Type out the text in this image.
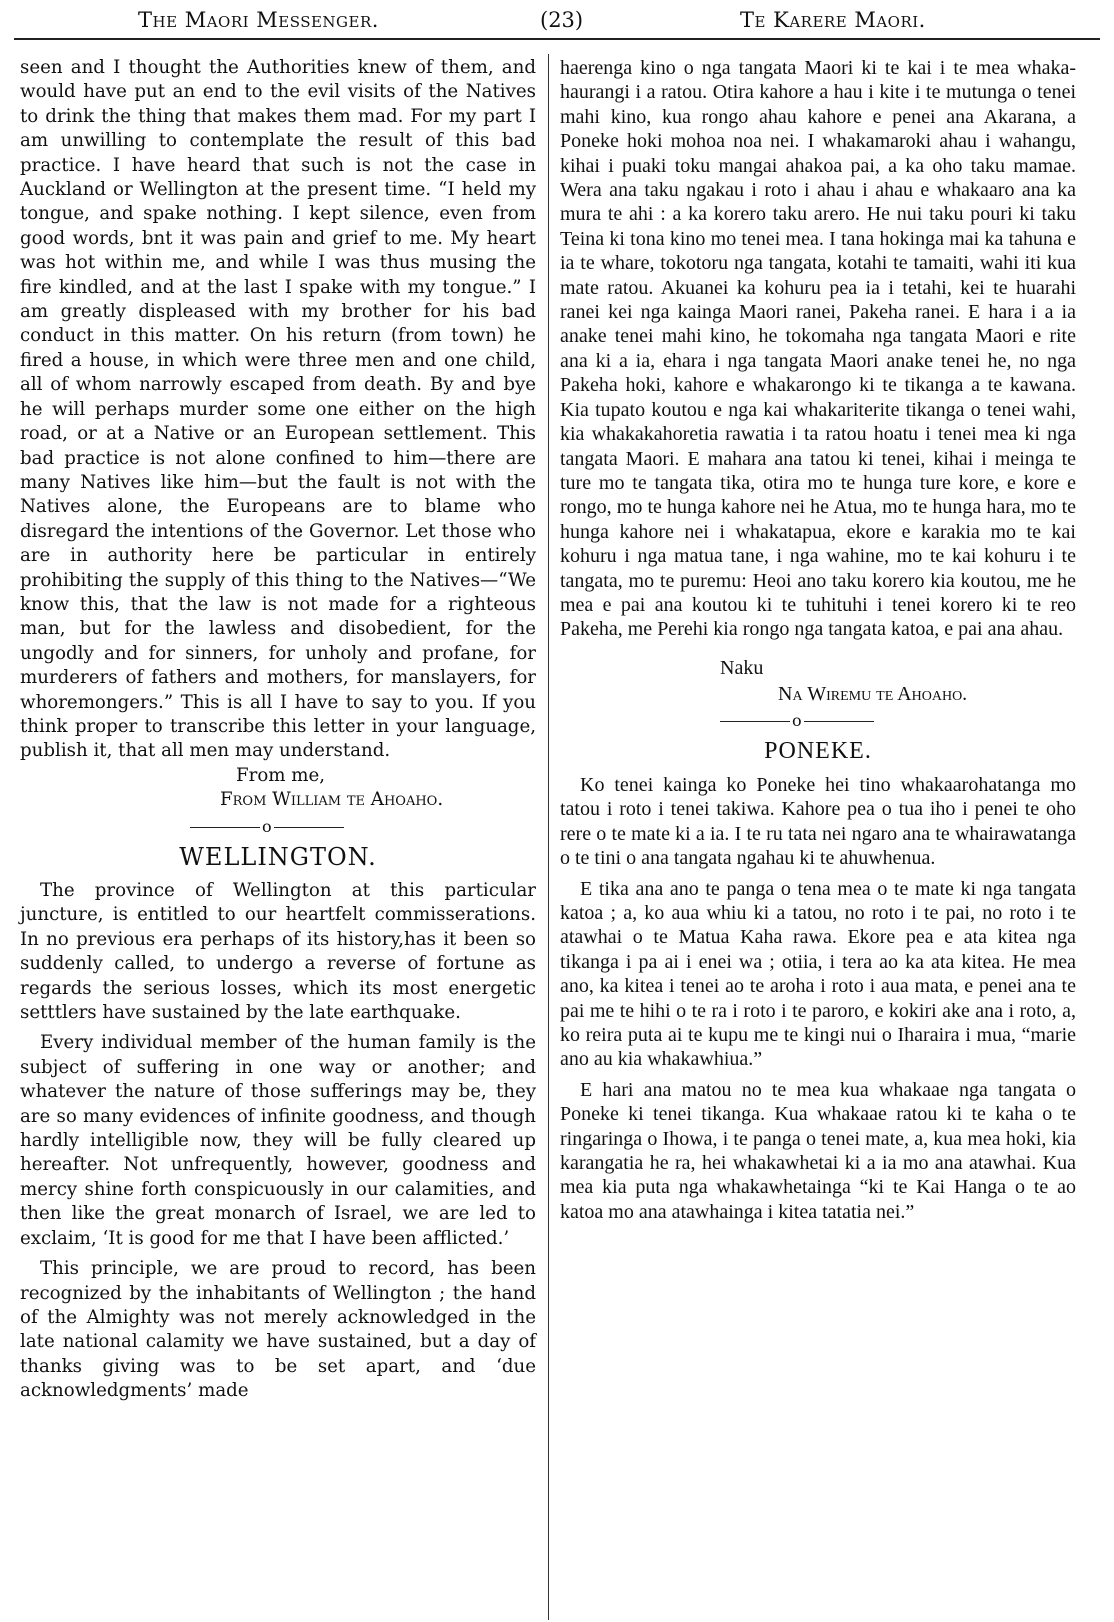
The Maori Messenger.	(23)	Te Karere Maori.

seen and I thought the Authorities knew of them, and would have put an end to the evil visits of the Natives to drink the thing that makes them mad. For my part I am unwilling to contemplate the result of this bad practice. I have heard that such is not the case in Auckland or Wellington at the present time. “I held my tongue, and spake nothing. I kept silence, even from good words, bnt it was pain and grief to me. My heart was hot within me, and while I was thus musing the fire kindled, and at the last I spake with my tongue.” I am greatly displeased with my brother for his bad conduct in this matter. On his return (from town) he fired a house, in which were three men and one child, all of whom narrowly escaped from death. By and bye he will perhaps murder some one either on the high road, or at a Native or an European settlement. This bad practice is not alone confined to him—there are many Natives like him—but the fault is not with the Natives alone, the Europeans are to blame who disregard the intentions of the Governor. Let those who are in authority here be particular in entirely prohibiting the supply of this thing to the Natives—“We know this, that the law is not made for a righteous man, but for the lawless and disobedient, for the ungodly and for sinners, for unholy and profane, for murderers of fathers and mothers, for manslayers, for whoremongers.” This is all I have to say to you. If you think proper to transcribe this letter in your language, publish it, that all men may understand.

From me,

From William te Ahoaho.

o
WELLINGTON.

The province of Wellington at this particular juncture, is entitled to our heartfelt commisserations. In no previous era perhaps of its history,has it been so suddenly called, to undergo a reverse of fortune as regards the serious losses, which its most energetic setttlers have sustained by the late earthquake.

Every individual member of the human family is the subject of suffering in one way or another; and whatever the nature of those sufferings may be, they are so many evidences of infinite goodness, and though hardly intelligible now, they will be fully cleared up hereafter. Not unfrequently, however, goodness and mercy shine forth conspicuously in our calamities, and then like the great monarch of Israel, we are led to exclaim, ‘It is good for me that I have been afflicted.’

This principle, we are proud to record, has been recognized by the inhabitants of Wellington ; the hand of the Almighty was not merely acknowledged in the late national calamity we have sustained, but a day of thanks giving was to be set apart, and ‘due acknowledgments’ made

haerenga kino o nga tangata Maori ki te kai i te mea whaka-haurangi i a ratou. Otira kahore a hau i kite i te mutunga o tenei mahi kino, kua rongo ahau kahore e penei ana Akarana, a Poneke hoki mohoa noa nei. I whakamaroki ahau i wahangu, kihai i puaki toku mangai ahakoa pai, a ka oho taku mamae. Wera ana taku ngakau i roto i ahau i ahau e whakaaro ana ka mura te ahi : a ka korero taku arero. He nui taku pouri ki taku Teina ki tona kino mo tenei mea. I tana hokinga mai ka tahuna e ia te whare, tokotoru nga tangata, kotahi te tamaiti, wahi iti kua mate ratou. Akuanei ka kohuru pea ia i tetahi, kei te huarahi ranei kei nga kainga Maori ranei, Pakeha ranei. E hara i a ia anake tenei mahi kino, he tokomaha nga tangata Maori e rite ana ki a ia, ehara i nga tangata Maori anake tenei he, no nga Pakeha hoki, kahore e whakarongo ki te tikanga a te kawana. Kia tupato koutou e nga kai whakariterite tikanga o tenei wahi, kia whakakahoretia rawatia i ta ratou hoatu i tenei mea ki nga tangata Maori. E mahara ana tatou ki tenei, kihai i meinga te ture mo te tangata tika, otira mo te hunga ture kore, e kore e rongo, mo te hunga kahore nei he Atua, mo te hunga hara, mo te hunga kahore nei i whakatapua, ekore e karakia mo te kai kohuru i nga matua tane, i nga wahine, mo te kai kohuru i te tangata, mo te puremu: Heoi ano taku korero kia koutou, me he mea e pai ana koutou ki te tuhituhi i tenei korero ki te reo Pakeha, me Perehi kia rongo nga tangata katoa, e pai ana ahau.

Naku

Na Wiremu te Ahoaho.

o
PONEKE.

Ko tenei kainga ko Poneke hei tino whakaarohatanga mo tatou i roto i tenei takiwa. Kahore pea o tua iho i penei te oho rere o te mate ki a ia. I te ru tata nei ngaro ana te whairawatanga o te tini o ana tangata ngahau ki te ahuwhenua.

E tika ana ano te panga o tena mea o te mate ki nga tangata katoa ; a, ko aua whiu ki a tatou, no roto i te pai, no roto i te atawhai o te Matua Kaha rawa. Ekore pea e ata kitea nga tikanga i pa ai i enei wa ; otiia, i tera ao ka ata kitea. He mea ano, ka kitea i tenei ao te aroha i roto i aua mata, e penei ana te pai me te hihi o te ra i roto i te paroro, e kokiri ake ana i roto, a, ko reira puta ai te kupu me te kingi nui o Iharaira i mua, “marie ano au kia whakawhiua.”

E hari ana matou no te mea kua whakaae nga tangata o Poneke ki tenei tikanga. Kua whakaae ratou ki te kaha o te ringaringa o Ihowa, i te panga o tenei mate, a, kua mea hoki, kia karangatia he ra, hei whakawhetai ki a ia mo ana atawhai. Kua mea kia puta nga whakawhetainga “ki te Kai Hanga o te ao katoa mo ana atawhainga i kitea tatatia nei.”
